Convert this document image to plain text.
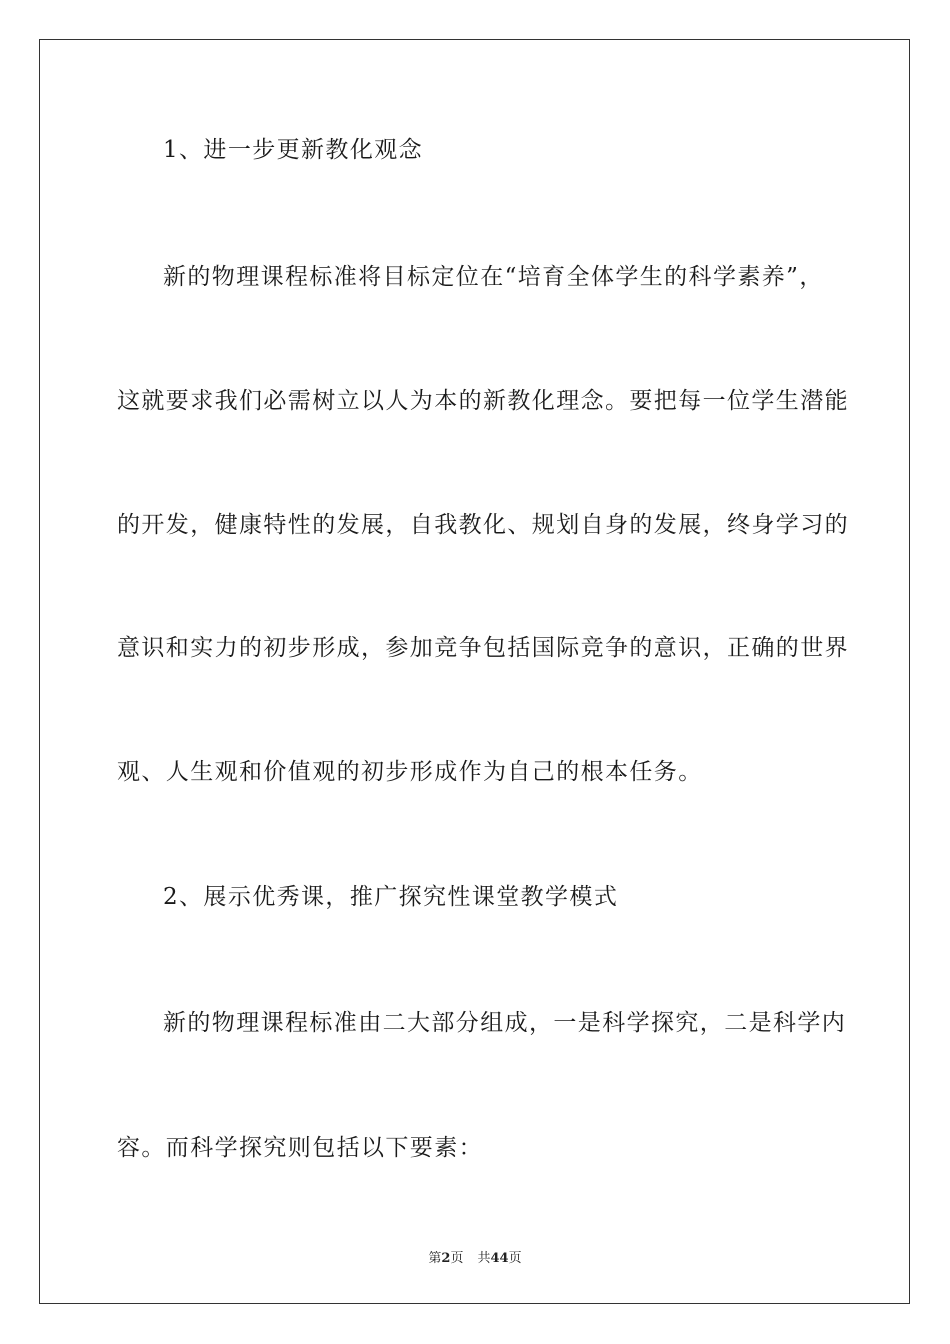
1、进一步更新教化观念
新的物理课程标准将目标定位在“培育全体学生的科学素养”，
这就要求我们必需树立以人为本的新教化理念。要把每一位学生潜能
的开发，健康特性的发展，自我教化、规划自身的发展，终身学习的
意识和实力的初步形成，参加竞争包括国际竞争的意识，正确的世界
观、人生观和价值观的初步形成作为自己的根本任务。
2、展示优秀课，推广探究性课堂教学模式
新的物理课程标准由二大部分组成，一是科学探究，二是科学内
容。而科学探究则包括以下要素：
第2页 共44页
